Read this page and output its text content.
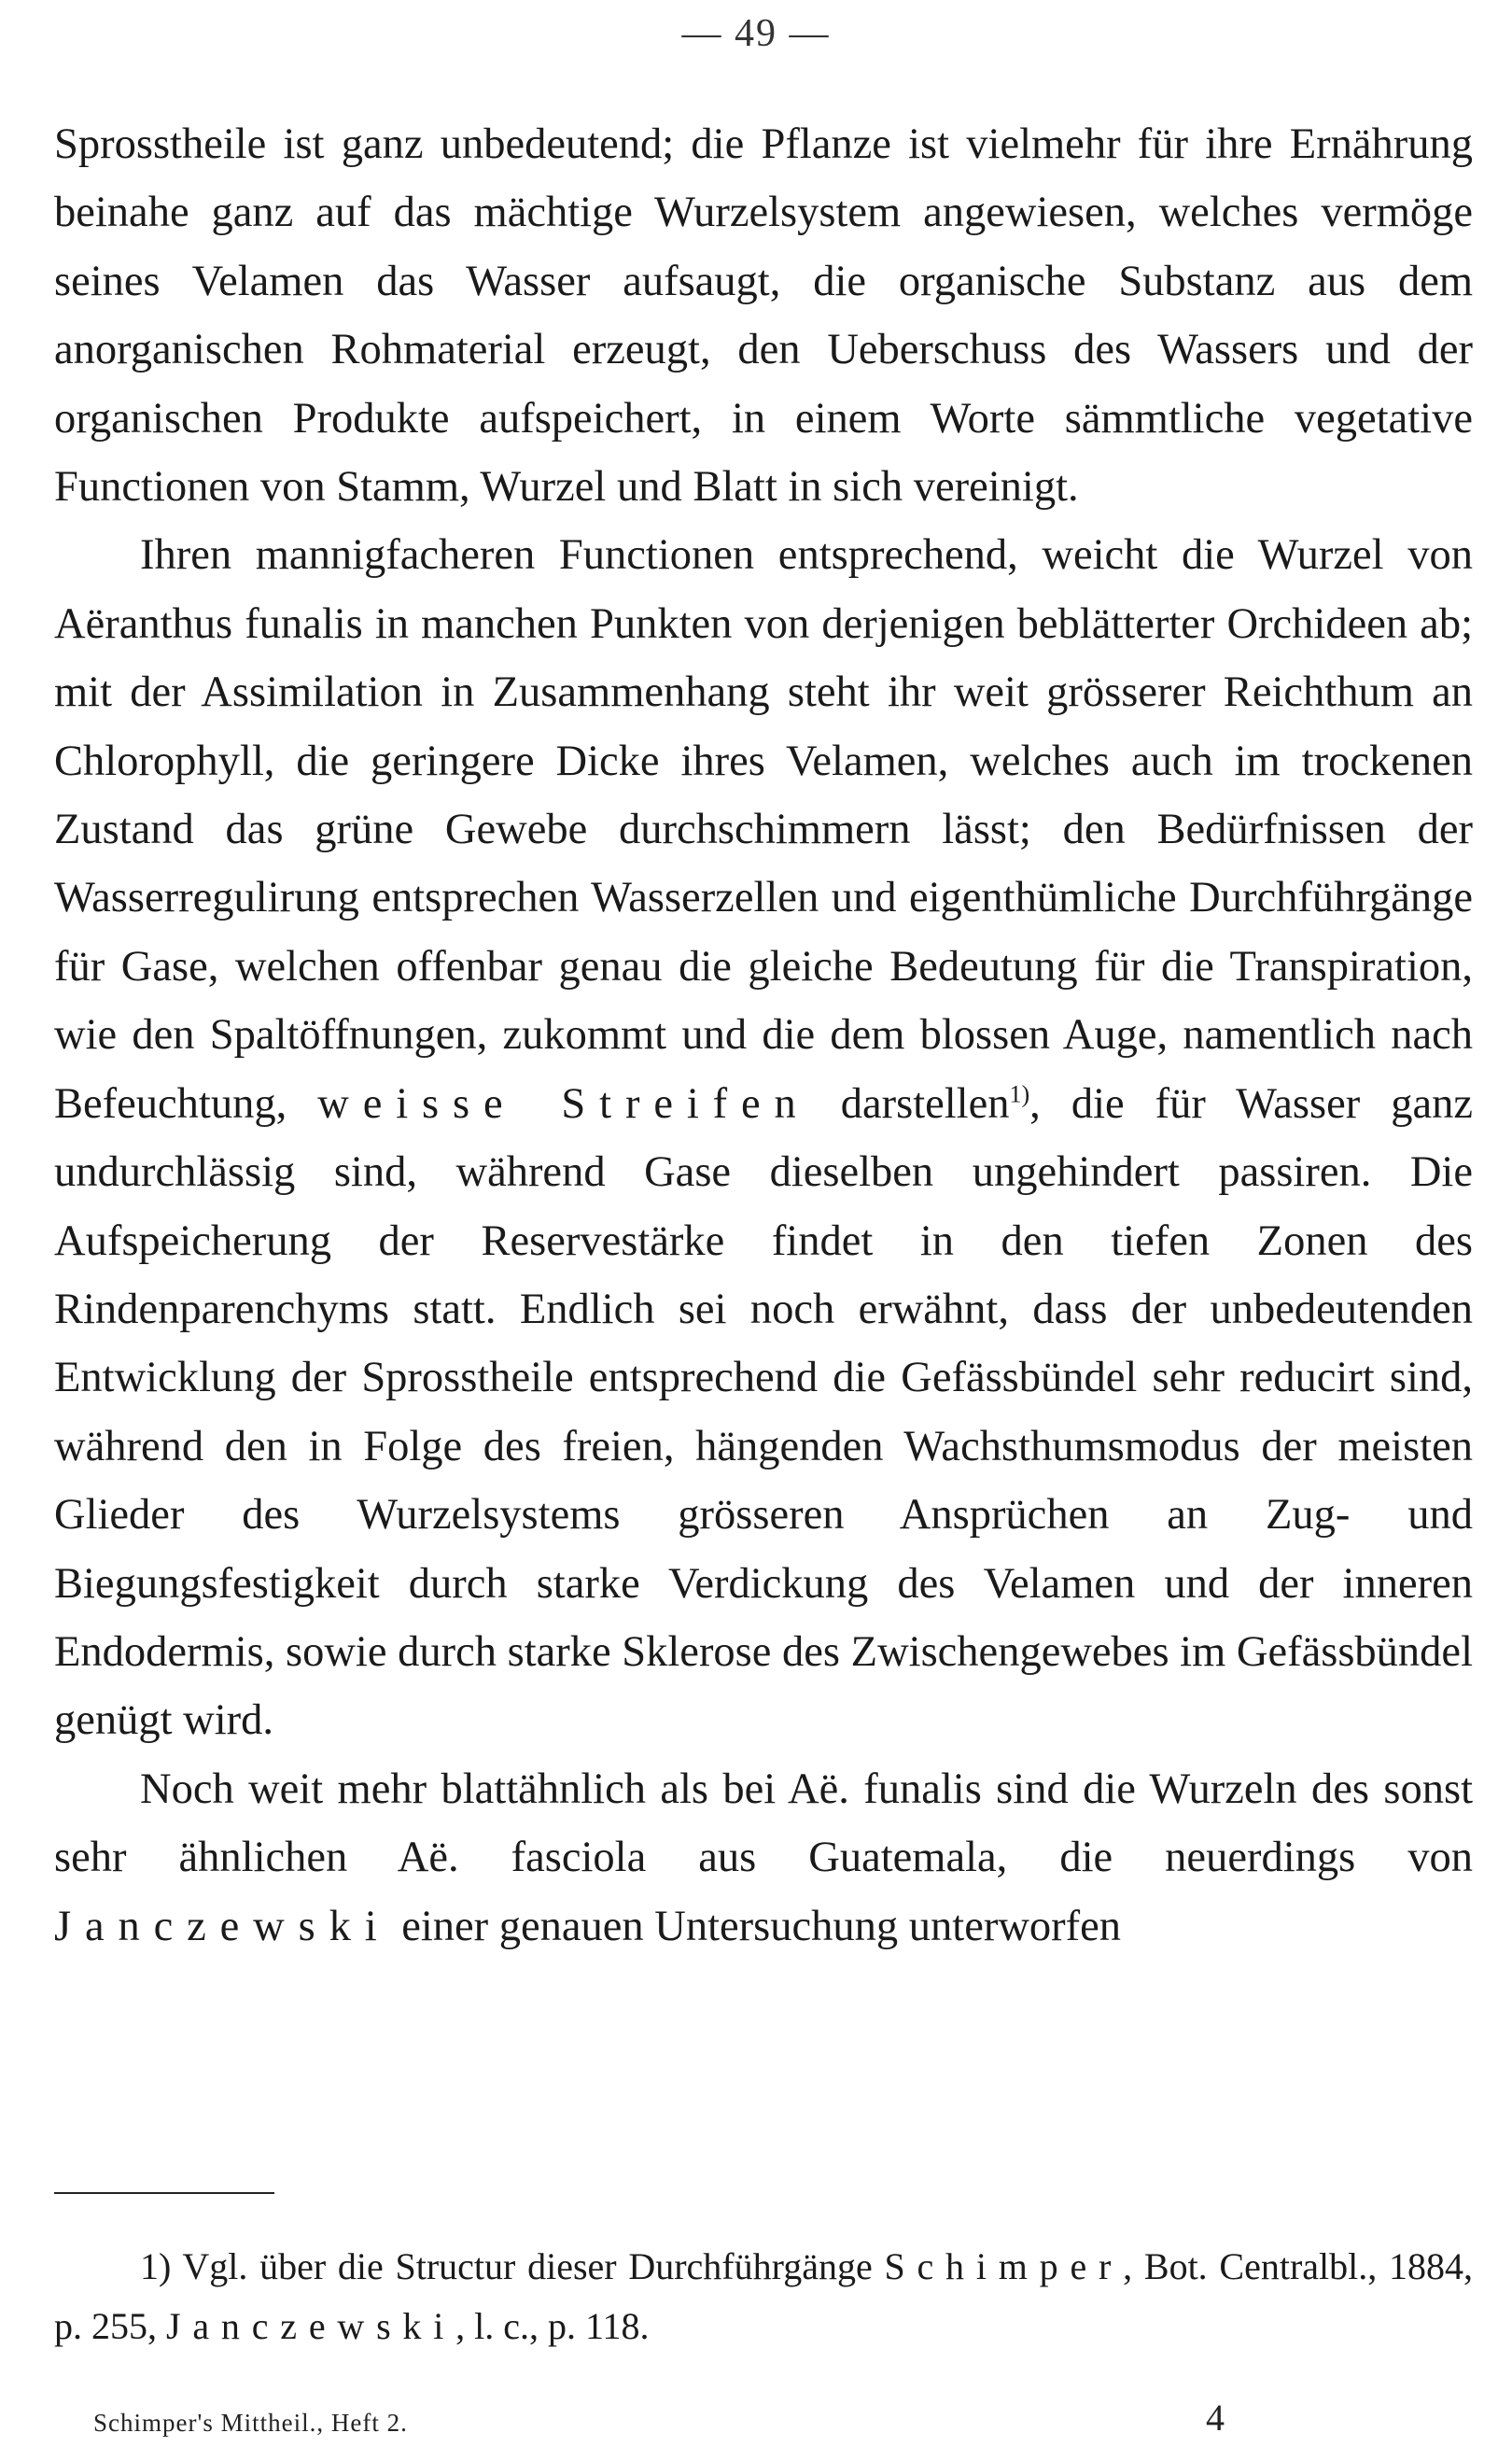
— 49 —

Sprosstheile ist ganz unbedeutend; die Pflanze ist vielmehr für ihre Ernährung beinahe ganz auf das mächtige Wurzelsystem angewiesen, welches vermöge seines Velamen das Wasser aufsaugt, die organische Substanz aus dem anorganischen Rohmaterial erzeugt, den Ueberschuss des Wassers und der organischen Produkte aufspeichert, in einem Worte sämmtliche vegetative Functionen von Stamm, Wurzel und Blatt in sich vereinigt.

Ihren mannigfacheren Functionen entsprechend, weicht die Wurzel von Aëranthus funalis in manchen Punkten von derjenigen beblätterter Orchideen ab; mit der Assimilation in Zusammenhang steht ihr weit grösserer Reichthum an Chlorophyll, die geringere Dicke ihres Velamen, welches auch im trockenen Zustand das grüne Gewebe durchschimmern lässt; den Bedürfnissen der Wasserregulirung entsprechen Wasserzellen und eigenthümliche Durchführgänge für Gase, welchen offenbar genau die gleiche Bedeutung für die Transpiration, wie den Spaltöffnungen, zukommt und die dem blossen Auge, namentlich nach Befeuchtung, weisse Streifen darstellen$^{1)}$, die für Wasser ganz undurchlässig sind, während Gase dieselben ungehindert passiren. Die Aufspeicherung der Reservestärke findet in den tiefen Zonen des Rindenparenchyms statt. Endlich sei noch erwähnt, dass der unbedeutenden Entwicklung der Sprosstheile entsprechend die Gefässbündel sehr reducirt sind, während den in Folge des freien, hängenden Wachsthumsmodus der meisten Glieder des Wurzelsystems grösseren Ansprüchen an Zug- und Biegungsfestigkeit durch starke Verdickung des Velamen und der inneren Endodermis, sowie durch starke Sklerose des Zwischengewebes im Gefässbündel genügt wird.

Noch weit mehr blattähnlich als bei Aë. funalis sind die Wurzeln des sonst sehr ähnlichen Aë. fasciola aus Guatemala, die neuerdings von Janczewski einer genauen Untersuchung unterworfen

1) Vgl. über die Structur dieser Durchführgänge Schimper, Bot. Centralbl., 1884, p. 255, Janczewski, l. c., p. 118.

Schimper's Mittheil., Heft 2.	4
